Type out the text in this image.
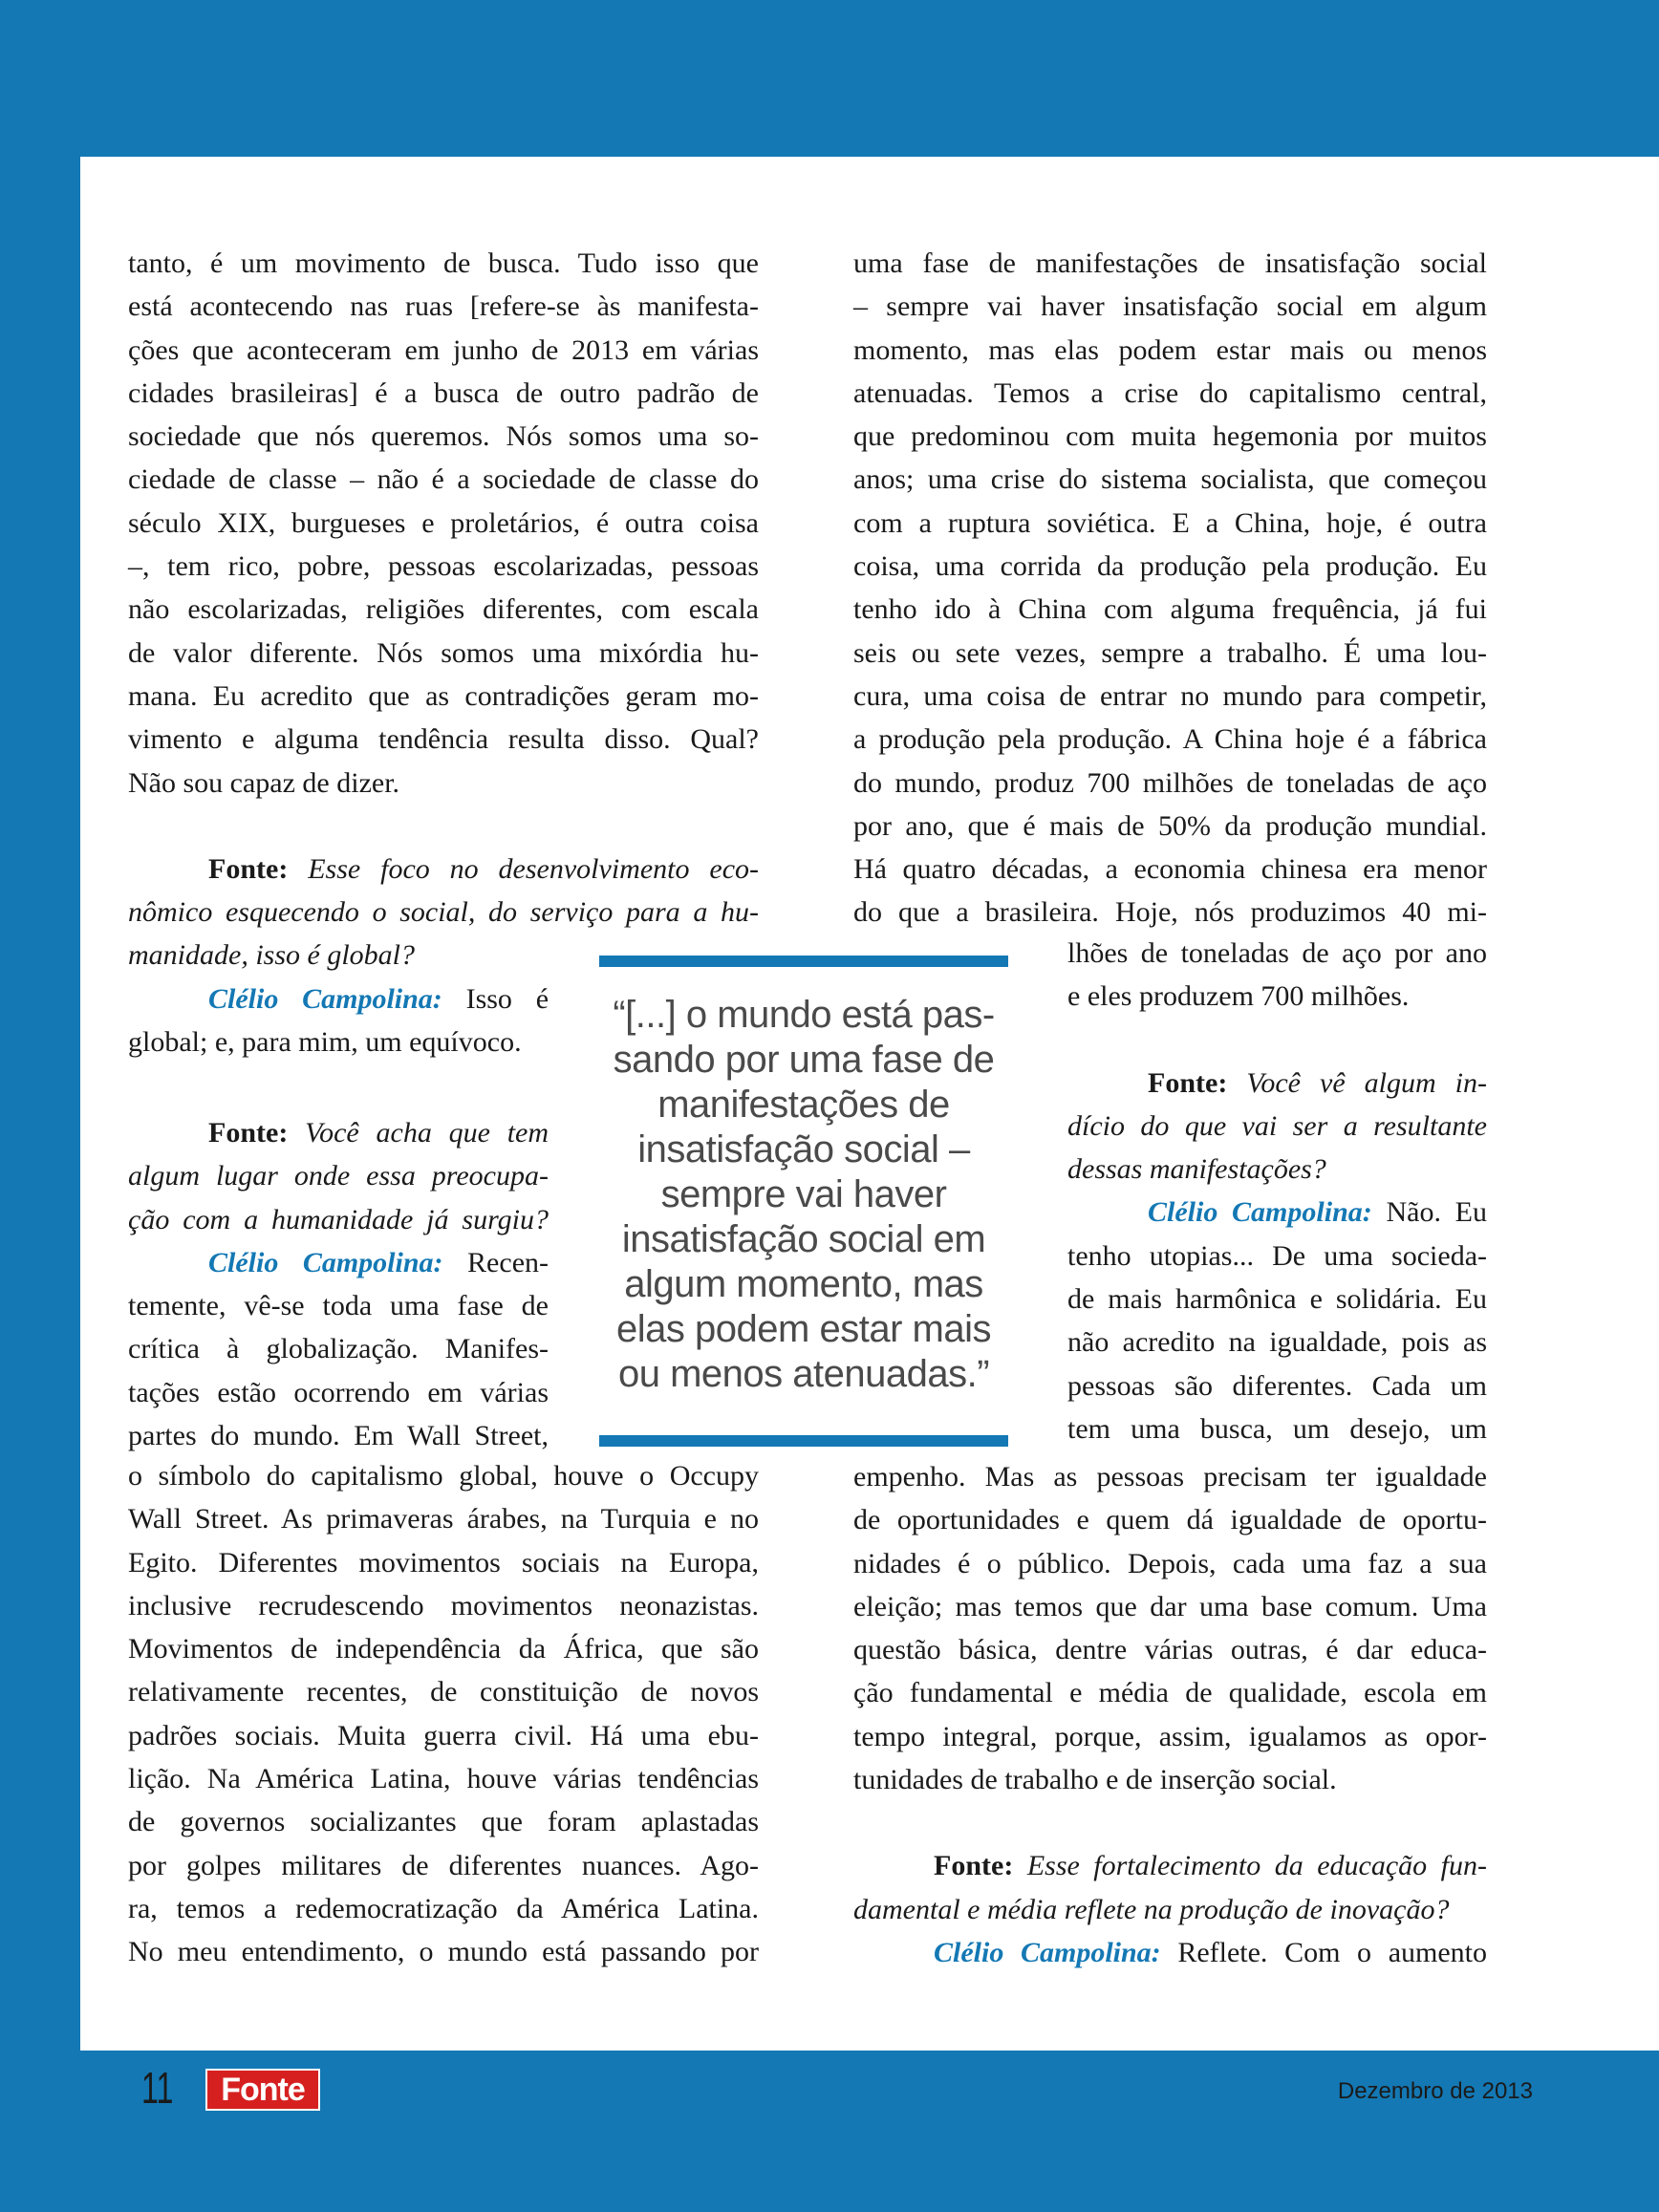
tanto, é um movimento de busca. Tudo isso que
está acontecendo nas ruas [refere-se às manifesta-
ções que aconteceram em junho de 2013 em várias
cidades brasileiras] é a busca de outro padrão de
sociedade que nós queremos. Nós somos uma so-
ciedade de classe – não é a sociedade de classe do
século XIX, burgueses e proletários, é outra coisa
–, tem rico, pobre, pessoas escolarizadas, pessoas
não escolarizadas, religiões diferentes, com escala
de valor diferente. Nós somos uma mixórdia hu-
mana. Eu acredito que as contradições geram mo-
vimento e alguma tendência resulta disso. Qual?
Não sou capaz de dizer.
Fonte: Esse foco no desenvolvimento eco-
nômico esquecendo o social, do serviço para a hu-
manidade, isso é global?
Clélio Campolina: Isso é
global; e, para mim, um equívoco.
Fonte: Você acha que tem
algum lugar onde essa preocupa-
ção com a humanidade já surgiu?
Clélio Campolina: Recen-
temente, vê-se toda uma fase de
crítica à globalização. Manifes-
tações estão ocorrendo em várias
partes do mundo. Em Wall Street,
o símbolo do capitalismo global, houve o Occupy
Wall Street. As primaveras árabes, na Turquia e no
Egito. Diferentes movimentos sociais na Europa,
inclusive recrudescendo movimentos neonazistas.
Movimentos de independência da África, que são
relativamente recentes, de constituição de novos
padrões sociais. Muita guerra civil. Há uma ebu-
lição. Na América Latina, houve várias tendências
de governos socializantes que foram aplastadas
por golpes militares de diferentes nuances. Ago-
ra, temos a redemocratização da América Latina.
No meu entendimento, o mundo está passando por
uma fase de manifestações de insatisfação social
– sempre vai haver insatisfação social em algum
momento, mas elas podem estar mais ou menos
atenuadas. Temos a crise do capitalismo central,
que predominou com muita hegemonia por muitos
anos; uma crise do sistema socialista, que começou
com a ruptura soviética. E a China, hoje, é outra
coisa, uma corrida da produção pela produção. Eu
tenho ido à China com alguma frequência, já fui
seis ou sete vezes, sempre a trabalho. É uma lou-
cura, uma coisa de entrar no mundo para competir,
a produção pela produção. A China hoje é a fábrica
do mundo, produz 700 milhões de toneladas de aço
por ano, que é mais de 50% da produção mundial.
Há quatro décadas, a economia chinesa era menor
do que a brasileira. Hoje, nós produzimos 40 mi-
lhões de toneladas de aço por ano
e eles produzem 700 milhões.
Fonte: Você vê algum in-
dício do que vai ser a resultante
dessas manifestações?
Clélio Campolina: Não. Eu
tenho utopias... De uma socieda-
de mais harmônica e solidária. Eu
não acredito na igualdade, pois as
pessoas são diferentes. Cada um
tem uma busca, um desejo, um
empenho. Mas as pessoas precisam ter igualdade
de oportunidades e quem dá igualdade de oportu-
nidades é o público. Depois, cada uma faz a sua
eleição; mas temos que dar uma base comum. Uma
questão básica, dentre várias outras, é dar educa-
ção fundamental e média de qualidade, escola em
tempo integral, porque, assim, igualamos as opor-
tunidades de trabalho e de inserção social.
Fonte: Esse fortalecimento da educação fun-
damental e média reflete na produção de inovação?
Clélio Campolina: Reflete. Com o aumento
“[...] o mundo está pas-
sando por uma fase de
manifestações de
insatisfação social –
sempre vai haver
insatisfação social em
algum momento, mas
elas podem estar mais
ou menos atenuadas.”
11	Fonte	Dezembro de 2013
